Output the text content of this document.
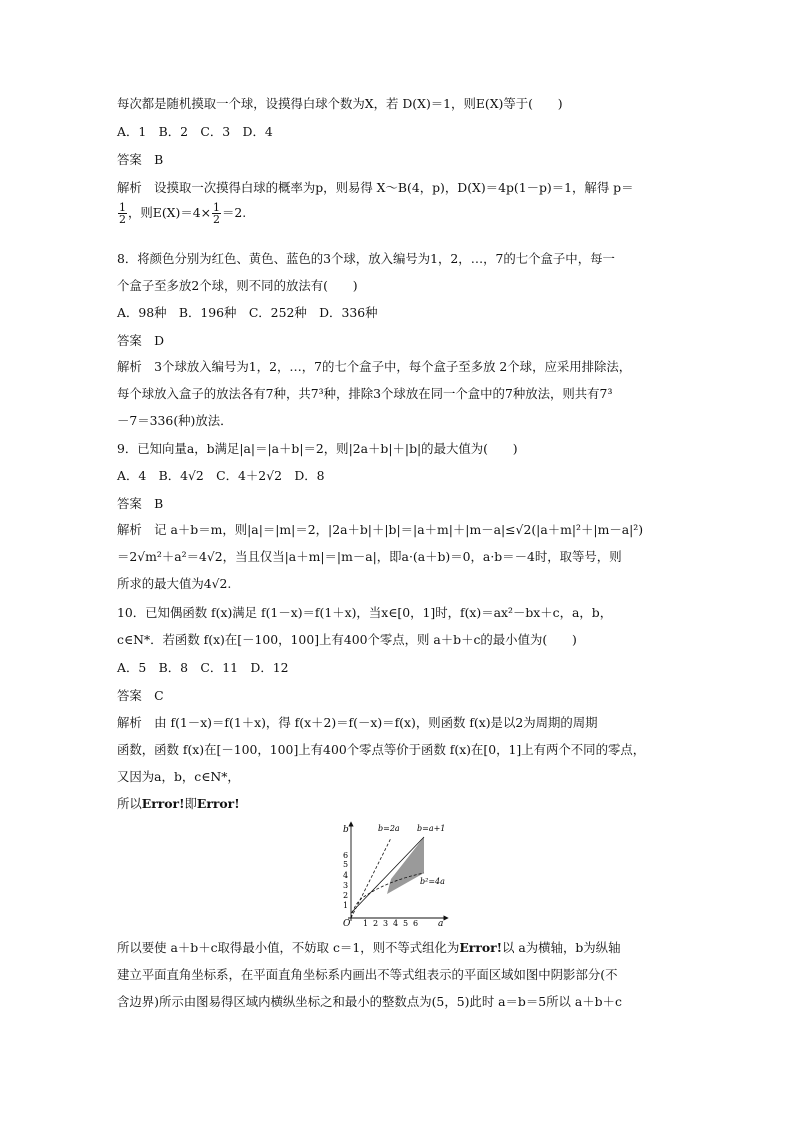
每次都是随机摸取一个球，设摸得白球个数为X，若 D(X)＝1，则E(X)等于(　　)
A．1　B．2　C．3　D．4
答案　B
解析　设摸取一次摸得白球的概率为p，则易得 X～B(4，p)，D(X)＝4p(1－p)＝1，解得 p＝
$\frac{1}{2}$ ，则$E(X)=4\times \frac{1}{2} =2$.
8．将颜色分别为红色、黄色、蓝色的3个球，放入编号为1，2，…，7的七个盒子中，每一
个盒子至多放2个球，则不同的放法有(　　)
A．98种　B．196种　C．252种　D．336种
答案　D
解析　3个球放入编号为1，2，…，7的七个盒子中，每个盒子至多放 2个球，应采用排除法，
每个球放入盒子的放法各有7种，共7³种，排除3个球放在同一个盒中的7种放法，则共有7³
－7＝336(种)放法．
9．已知向量a，b满足|a|＝|a＋b|＝2，则|2a＋b|＋|b|的最大值为(　　)
A．4　B．4√2　C．4＋2√2　D．8
答案　B
解析　记 a＋b＝m，则|a|＝|m|＝2，|2a＋b|＋|b|＝|a＋m|＋|m－a|≤√2(|a＋m|²＋|m－a|²)
＝2√m²＋a²＝4√2，当且仅当|a＋m|＝|m－a|，即a·(a＋b)＝0，a·b＝－4时，取等号，则
所求的最大值为4√2.
10．已知偶函数 f(x)满足 f(1－x)＝f(1＋x)，当x∈[0，1]时，f(x)＝ax²－bx＋c，a，b，
c∈N*．若函数 f(x)在[－100，100]上有400个零点，则 a＋b＋c的最小值为(　　)
A．5　B．8　C．11　D．12
答案　C
解析　由 f(1－x)＝f(1＋x)，得 f(x＋2)＝f(－x)＝f(x)，则函数 f(x)是以2为周期的周期
函数，函数 f(x)在[－100，100]上有400个零点等价于函数 f(x)在[0，1]上有两个不同的零点，
又因为a，b，c∈N*，
所以Error!即Error!
1
2
3
4
5
6
1 2 3 4 5 6
b
a
O
b=2a b=a+1
b²=4a
所以要使 a＋b＋c取得最小值，不妨取 c＝1，则不等式组化为Error!以 a为横轴，b为纵轴
建立平面直角坐标系，在平面直角坐标系内画出不等式组表示的平面区域如图中阴影部分(不
含边界)所示由图易得区域内横纵坐标之和最小的整数点为(5，5)此时 a＝b＝5所以 a＋b＋c
